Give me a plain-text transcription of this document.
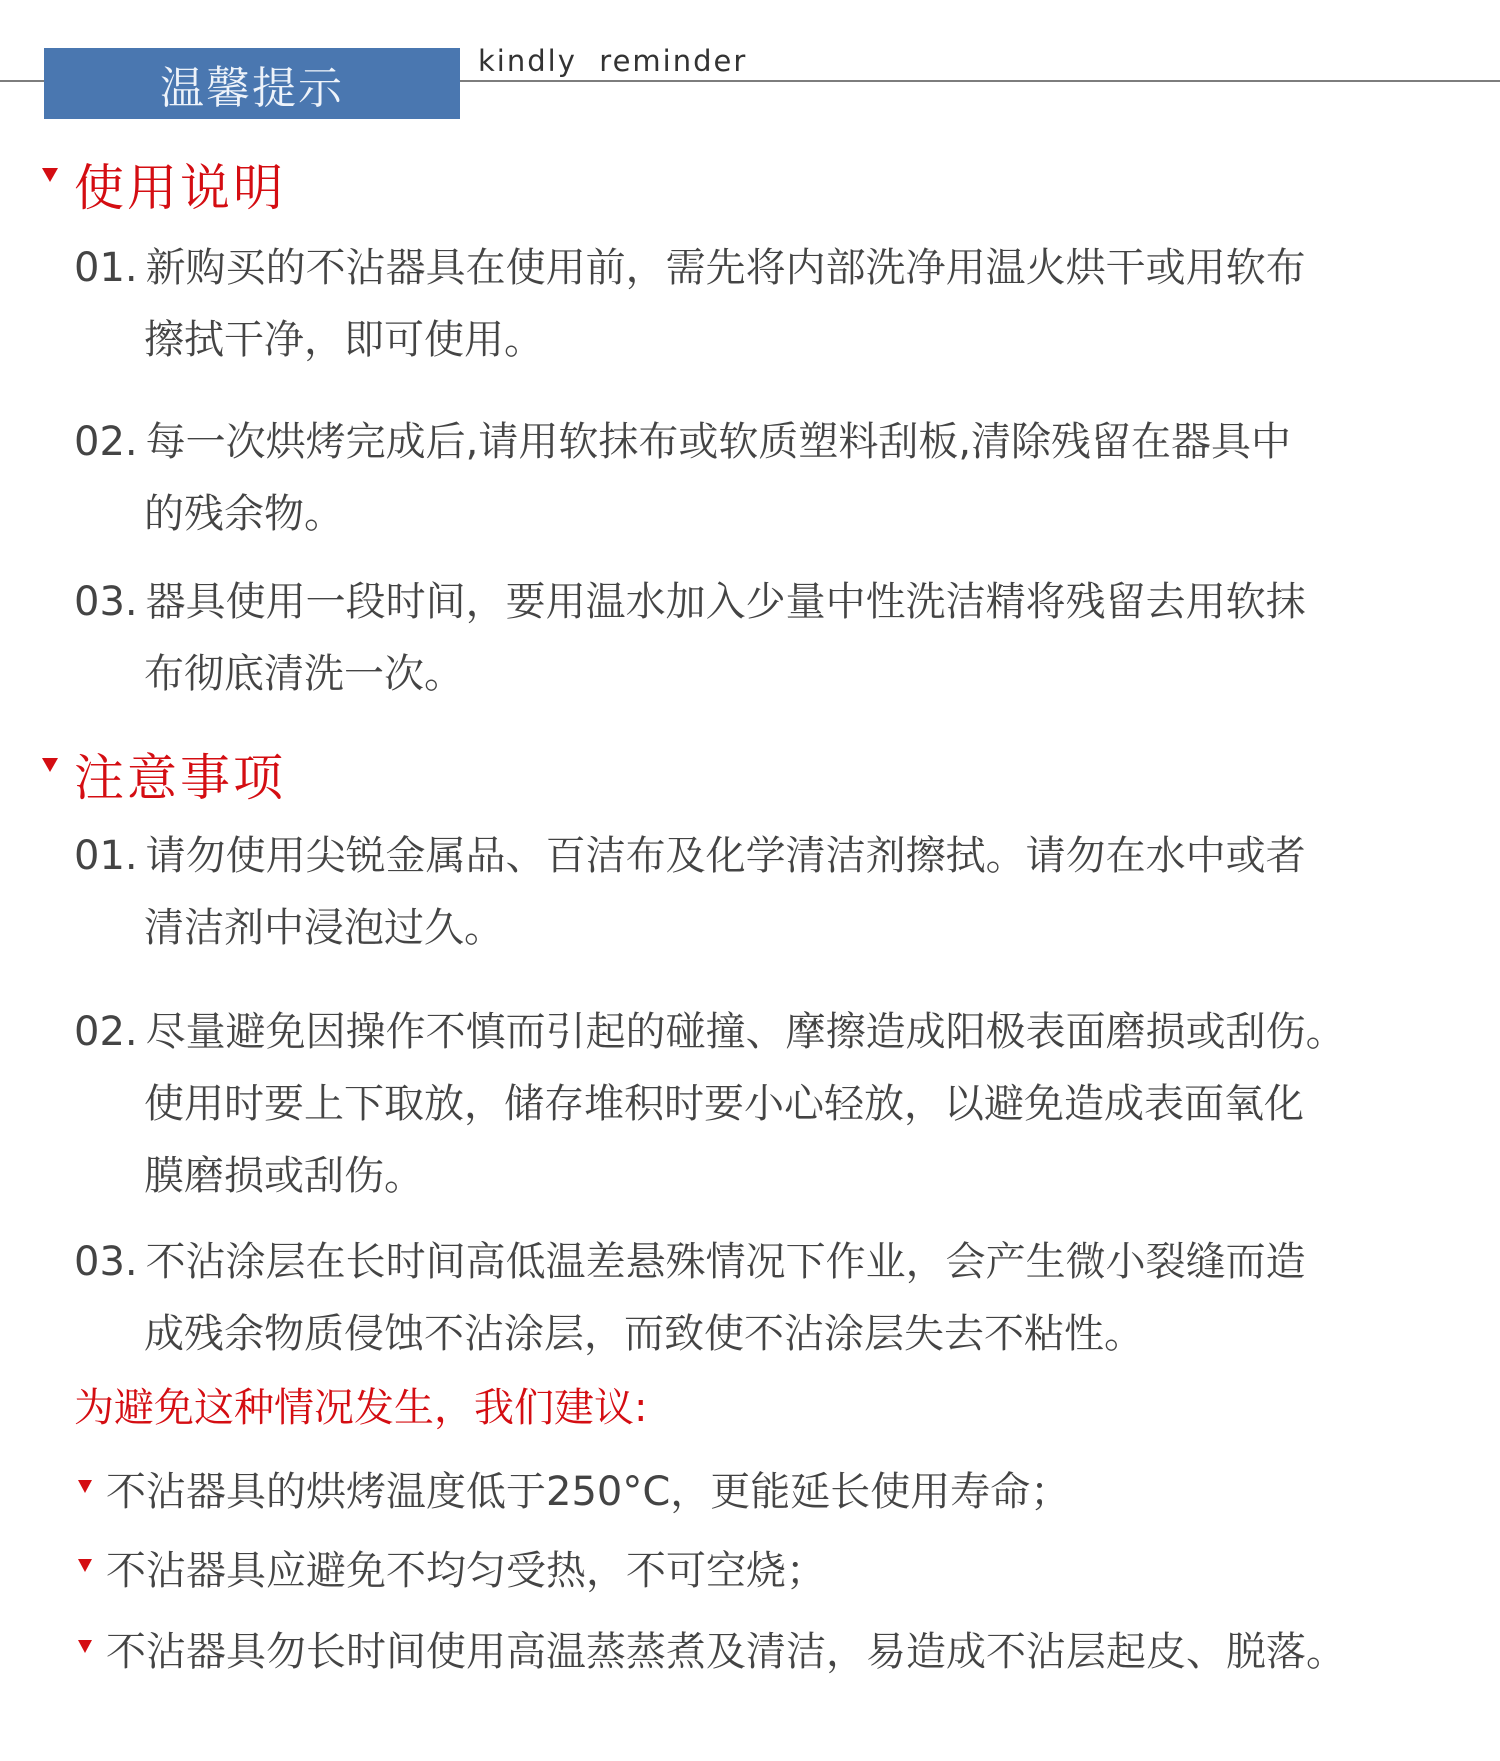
温馨提示
kindly  reminder
使用说明
01. 新购买的不沾器具在使用前，需先将内部洗净用温火烘干或用软布
擦拭干净，即可使用。
02. 每一次烘烤完成后,请用软抹布或软质塑料刮板,清除残留在器具中
的残余物。
03. 器具使用一段时间，要用温水加入少量中性洗洁精将残留去用软抹
布彻底清洗一次。
注意事项
01. 请勿使用尖锐金属品、百洁布及化学清洁剂擦拭。请勿在水中或者
清洁剂中浸泡过久。
02. 尽量避免因操作不慎而引起的碰撞、摩擦造成阳极表面磨损或刮伤。
使用时要上下取放，储存堆积时要小心轻放，以避免造成表面氧化
膜磨损或刮伤。
03. 不沾涂层在长时间高低温差悬殊情况下作业，会产生微小裂缝而造
成残余物质侵蚀不沾涂层，而致使不沾涂层失去不粘性。
为避免这种情况发生，我们建议:
不沾器具的烘烤温度低于250°C，更能延长使用寿命；
不沾器具应避免不均匀受热，不可空烧；
不沾器具勿长时间使用高温蒸蒸煮及清洁，易造成不沾层起皮、脱落。
